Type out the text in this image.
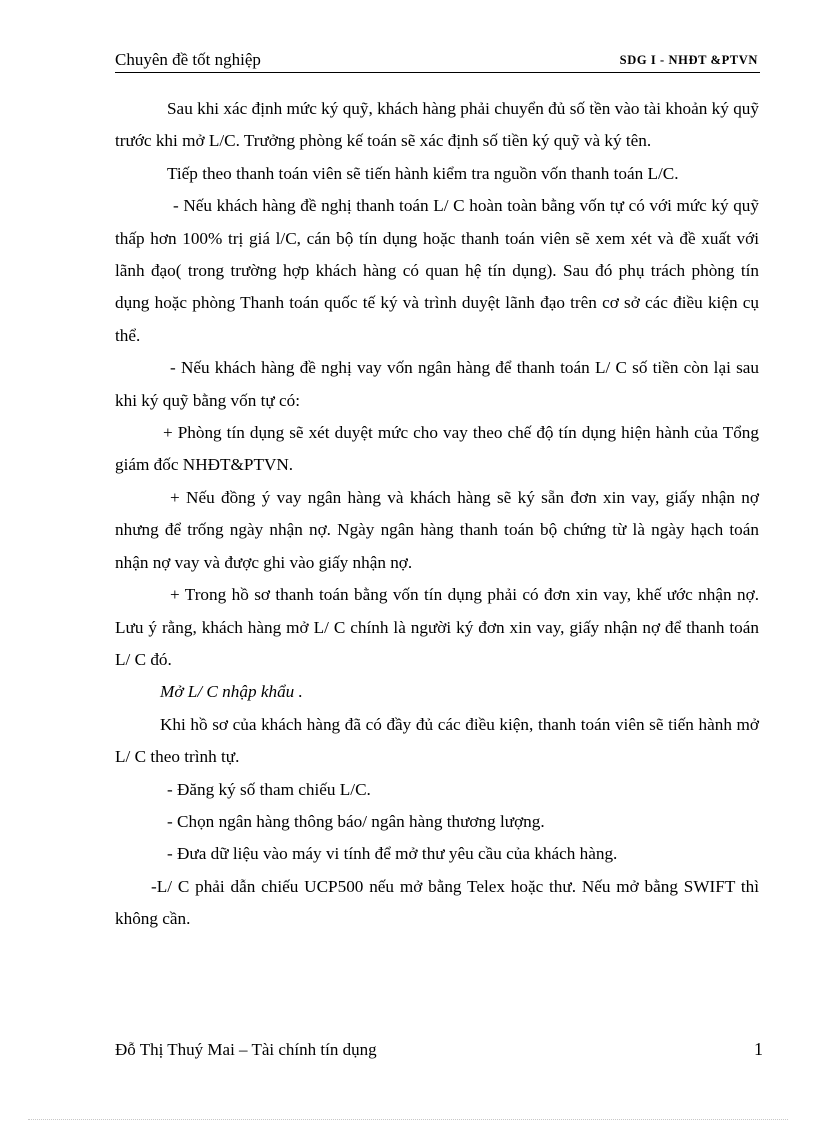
Chuyên đề tốt nghiệp	SDG I - NHĐT &PTVN

Sau khi xác định mức ký quỹ, khách hàng phải chuyển đủ số tền vào tài khoản ký quỹ trước khi mở L/C. Trưởng phòng kế toán sẽ xác định số tiền ký quỹ và ký tên.

Tiếp theo thanh toán viên sẽ tiến hành kiểm tra nguồn vốn thanh toán L/C.

- Nếu khách hàng đề nghị thanh toán L/ C hoàn toàn bằng vốn tự có với mức ký quỹ thấp hơn 100% trị giá l/C, cán bộ tín dụng hoặc thanh toán viên sẽ xem xét và đề xuất với lãnh đạo( trong trường hợp khách hàng có quan hệ tín dụng). Sau đó phụ trách phòng tín dụng hoặc phòng Thanh toán quốc tế ký và trình duyệt lãnh đạo trên cơ sở các điều kiện cụ thể.

- Nếu khách hàng đề nghị vay vốn ngân hàng để thanh toán L/ C số tiền còn lại sau khi ký quỹ bằng vốn tự có:

+ Phòng tín dụng sẽ xét duyệt mức cho vay theo chế độ tín dụng hiện hành của Tổng giám đốc NHĐT&PTVN.

+ Nếu đồng ý vay ngân hàng và khách hàng sẽ ký sẵn đơn xin vay, giấy nhận nợ nhưng để trống ngày nhận nợ. Ngày ngân hàng thanh toán bộ chứng từ là ngày hạch toán nhận nợ vay và được ghi vào giấy nhận nợ.

+ Trong hồ sơ thanh toán bằng vốn tín dụng phải có đơn xin vay, khế ước nhận nợ. Lưu ý rằng, khách hàng mở L/ C chính là người ký đơn xin vay, giấy nhận nợ để thanh toán L/ C đó.

Mở L/ C nhập khẩu .

Khi hồ sơ của khách hàng đã có đầy đủ các điều kiện, thanh toán viên sẽ tiến hành mở L/ C theo trình tự.

- Đăng ký số tham chiếu L/C.

- Chọn ngân hàng thông báo/ ngân hàng thương lượng.

- Đưa dữ liệu vào máy vi tính để mở thư yêu cầu của khách hàng.

-L/ C phải dẫn chiếu UCP500 nếu mở bằng Telex hoặc thư. Nếu mở bằng SWIFT thì không cần.

Đỗ Thị Thuý Mai – Tài chính tín dụng	1
